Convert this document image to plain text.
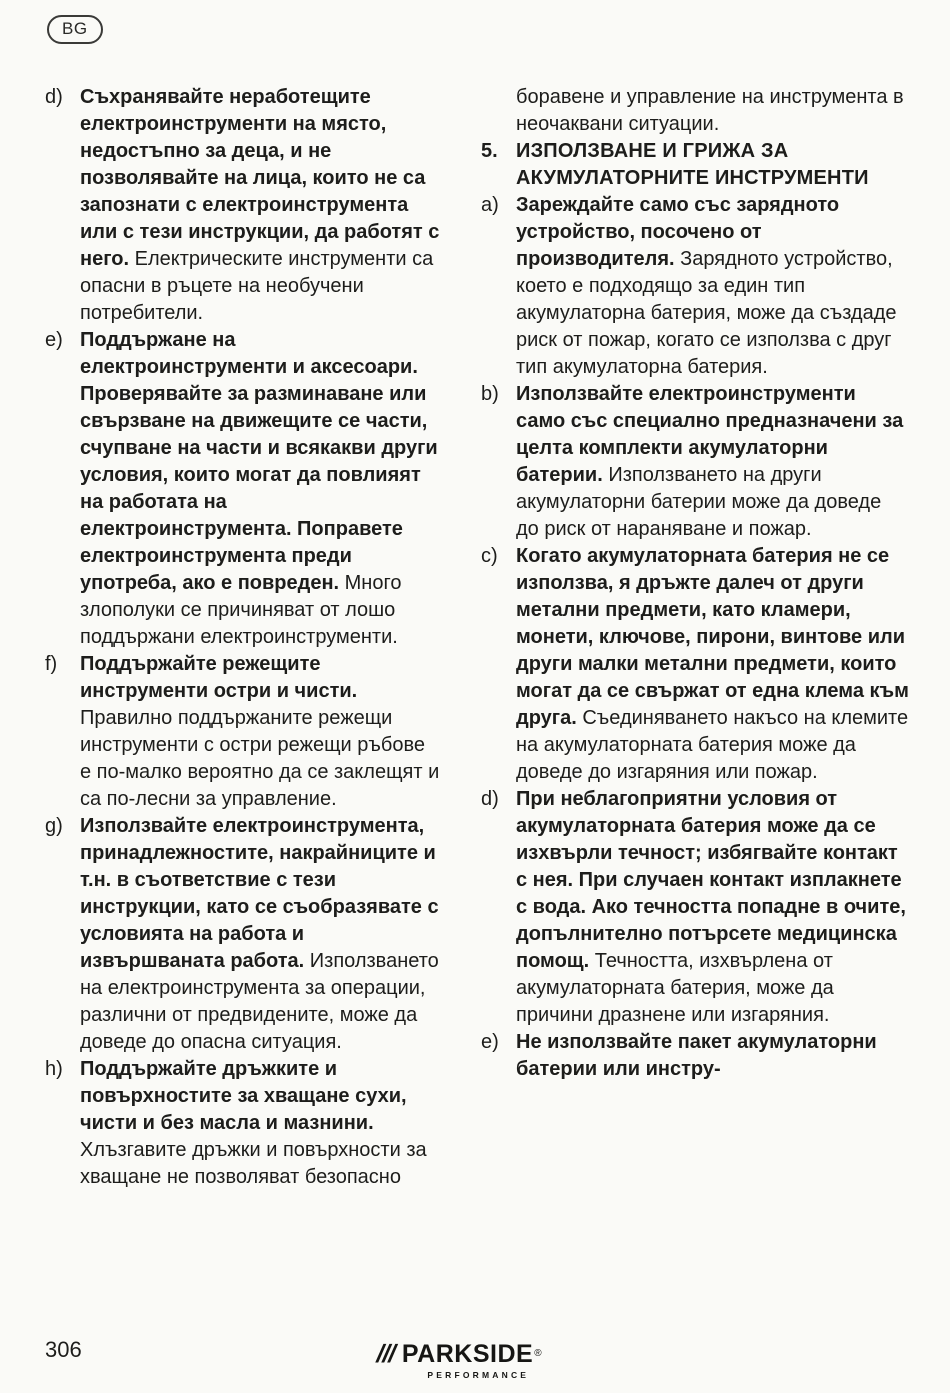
BG
d) Съхранявайте неработещите електроинструменти на място, недостъпно за деца, и не позволявайте на лица, които не са запознати с електроинструмента или с тези инструкции, да работят с него. Електрическите инструменти са опасни в ръцете на необучени потребители.
e) Поддържане на електроинструменти и аксесоари. Проверявайте за разминаване или свързване на движещите се части, счупване на части и всякакви други условия, които могат да повлияят на работата на електроинструмента. Поправете електроинструмента преди употреба, ако е повреден. Много злополуки се причиняват от лошо поддържани електроинструменти.
f)	Поддържайте режещите инструменти остри и чисти. Правилно поддържаните режещи инструменти с остри режещи ръбове е по-малко вероятно да се заклещят и са по-лесни за управление.
g) Използвайте електроинструмента, принадлежностите, накрайниците и т.н. в съответствие с тези инструкции, като се съобразявате с условията на работа и извършваната работа. Използването на електроинструмента за операции, различни от предвидените, може да доведе до опасна ситуация.
h) Поддържайте дръжките и повърхностите за хващане сухи, чисти и без масла и мазнини. Хлъзгавите дръжки и повърхности за хващане не позволяват безопасно

боравене и управление на инструмента в неочаквани ситуации.

5. ИЗПОЛЗВАНЕ И ГРИЖА ЗА АКУМУЛАТОРНИТЕ ИНСТРУМЕНТИ
a) Зареждайте само със зарядното устройство, посочено от производителя. Зарядното устройство, което е подходящо за един тип акумулаторна батерия, може да създаде риск от пожар, когато се използва с друг тип акумулаторна батерия.
b) Използвайте електроинструменти само със специално предназначени за целта комплекти акумулаторни батерии. Използването на други акумулаторни батерии може да доведе до риск от нараняване и пожар.
c) Когато акумулаторната батерия не се използва, я дръжте далеч от други метални предмети, като кламери, монети, ключове, пирони, винтове или други малки метални предмети, които могат да се свържат от една клема към друга. Съединяването накъсо на клемите на акумулаторната батерия може да доведе до изгаряния или пожар.
d) При неблагоприятни условия от акумулаторната батерия може да се изхвърли течност; избягвайте контакт с нея. При случаен контакт изплакнете с вода. Ако течността попадне в очите, допълнително потърсете медицинска помощ. Течността, изхвърлена от акумулаторната батерия, може да причини дразнене или изгаряния.
e) Не използвайте пакет акумулаторни батерии или инстру-
306	/// PARKSIDE®
PERFORMANCE
